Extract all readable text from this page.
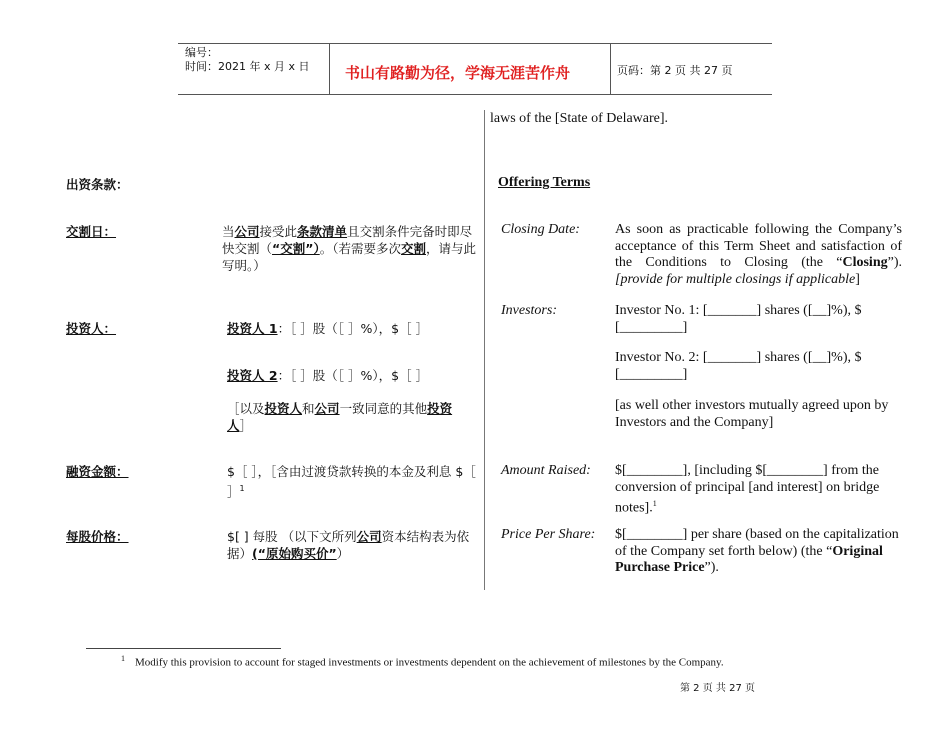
编号：
时间：2021 年 x 月 x 日 书山有路勤为径，学海无涯苦作舟	页码：第 2 页 共 27 页
laws of the [State of Delaware].
出资条款：
交割日：	当公司接受此条款清单且交割条件完备时即尽快交割（“交割”）。（若需要多次交割，请与此写明。）
投资人：	投资人 1：［ ］股（［ ］%），$［ ］
投资人 2：［ ］股（［ ］%），$［ ］
［以及投资人和公司一致同意的其他投资人］
融资金额：	$［ ］，［含由过渡贷款转换的本金及利息 $［ ］$^1$
每股价格：	$[ ] 每股 （以下文所列公司资本结构表为依据）(“原始购买价”）
Offering Terms
Closing Date:	As soon as practicable following the Company’s acceptance of this Term Sheet and satisfaction of the Conditions to Closing (the “Closing”). [provide for multiple closings if applicable]
Investors:	Investor No. 1: [_______] shares ([__]%), $ [_________]
Investor No. 2: [_______] shares ([__]%), $ [_________]
[as well other investors mutually agreed upon by Investors and the Company]
Amount Raised: $[________], [including $[________] from the conversion of principal [and interest] on bridge notes].$^1$
Price Per Share: $[________] per share (based on the capitalization of the Company set forth below) (the “Original Purchase Price”).
$^1$ Modify this provision to account for staged investments or investments dependent on the achievement of milestones by the Company.
第 2 页 共 27 页
